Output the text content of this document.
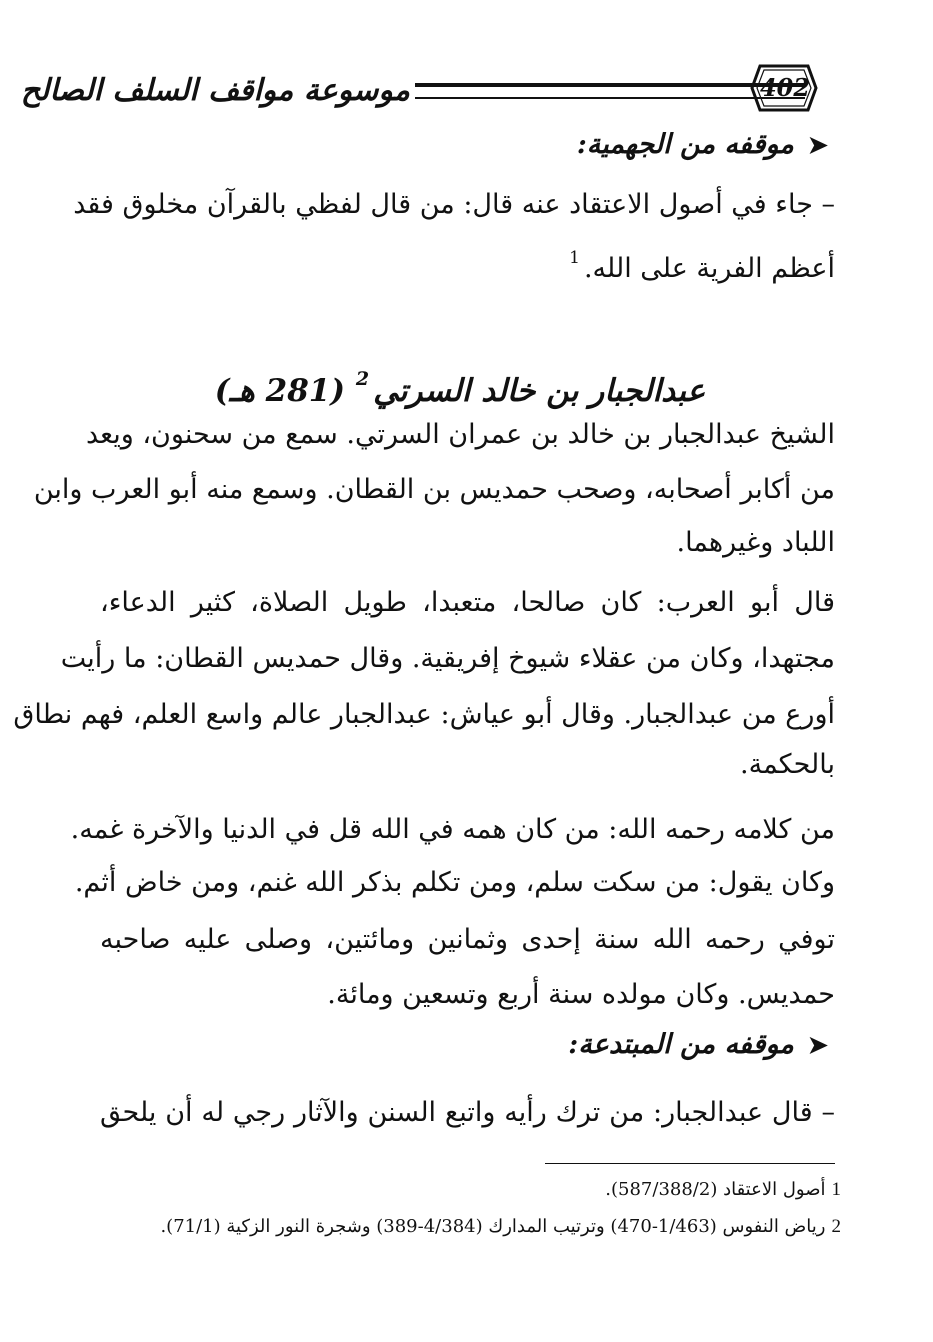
موسوعة مواقف السلف الصالح	402
➤موقفه من الجهمية:
– جاء في أصول الاعتقاد عنه قال: من قال لفظي بالقرآن مخلوق فقد
أعظم الفرية على الله.$^1$
عبدالجبار بن خالد السرتي$^2$ (281 هـ)
الشيخ عبدالجبار بن خالد بن عمران السرتي. سمع من سحنون، ويعد
من أكابر أصحابه، وصحب حمديس بن القطان. وسمع منه أبو العرب وابن
اللباد وغيرهما.
قال أبو العرب: كان صالحا، متعبدا، طويل الصلاة، كثير الدعاء،
مجتهدا، وكان من عقلاء شيوخ إفريقية. وقال حمديس القطان: ما رأيت
أورع من عبدالجبار. وقال أبو عياش: عبدالجبار عالم واسع العلم، فهم نطاق
بالحكمة.
من كلامه رحمه الله: من كان همه في الله قل في الدنيا والآخرة غمه.
وكان يقول: من سكت سلم، ومن تكلم بذكر الله غنم، ومن خاض أثم.
توفي رحمه الله سنة إحدى وثمانين ومائتين، وصلى عليه صاحبه
حمديس. وكان مولده سنة أربع وتسعين ومائة.
➤موقفه من المبتدعة:
– قال عبدالجبار: من ترك رأيه واتبع السنن والآثار رجي له أن يلحق
1أصول الاعتقاد (587/388/2).
2رياض النفوس (1/463-470) وترتيب المدارك (4/384-389) وشجرة النور الزكية (71/1).
